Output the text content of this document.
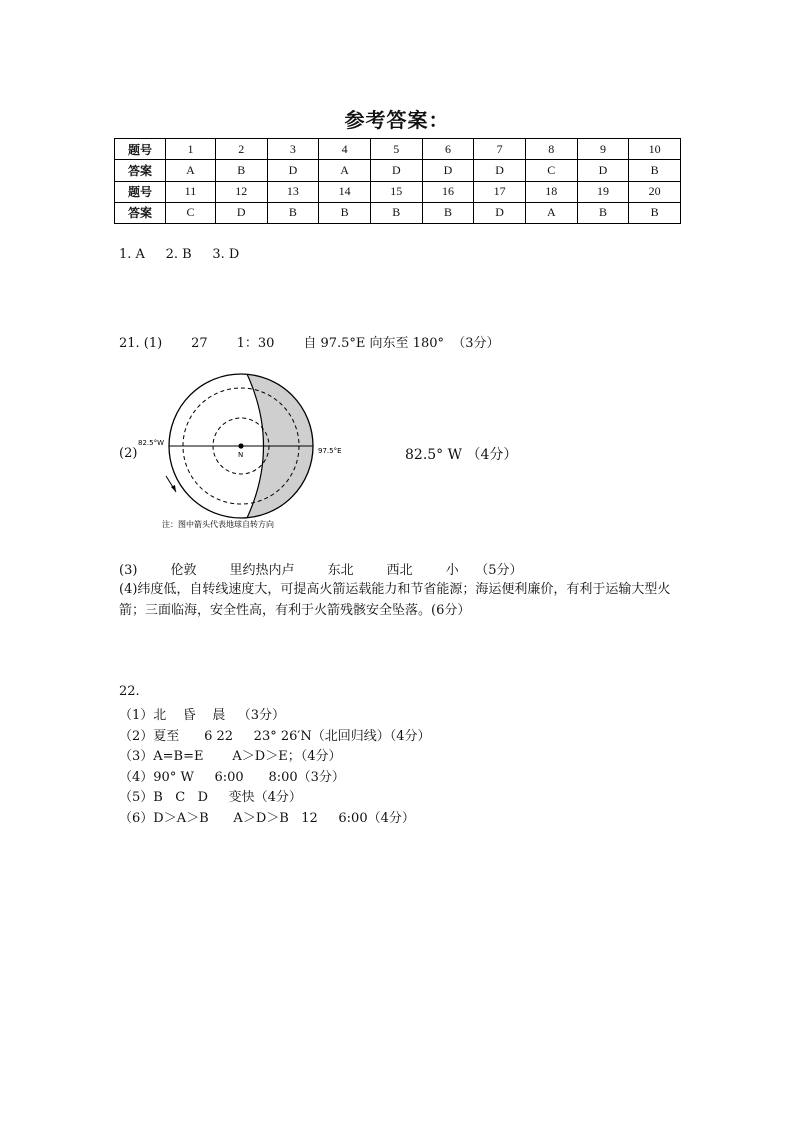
参考答案：
题号	1	2	3	4	5	6	7	8	9	10
答案	A	B	D	A	D	D	D	C	D	B
题号	11	12	13	14	15	16	17	18	19	20
答案	C	D	B	B	B	B	D	A	B	B
1. A     2. B     3. D
21. (1)       27       1：30       自 97.5°E 向东至 180°  （3分）
(2)	N
82.5°W
97.5°E
注：图中箭头代表地球自转方向
82.5° W （4分）
(3)        伦敦        里约热内卢        东北        西北        小    （5分）
(4)纬度低，自转线速度大，可提高火箭运载能力和节省能源；海运便利廉价，有利于运输大型火箭；三面临海，安全性高，有利于火箭残骸安全坠落。(6分）
22.
（1）北    昏    晨   （3分）
（2）夏至      6 22     23° 26′N（北回归线）（4分）
（3）A=B=E       A＞D＞E；（4分）
（4）90° W     6:00      8:00（3分）
（5）B   C   D     变快（4分）
（6）D＞A＞B      A＞D＞B   12     6:00（4分）
